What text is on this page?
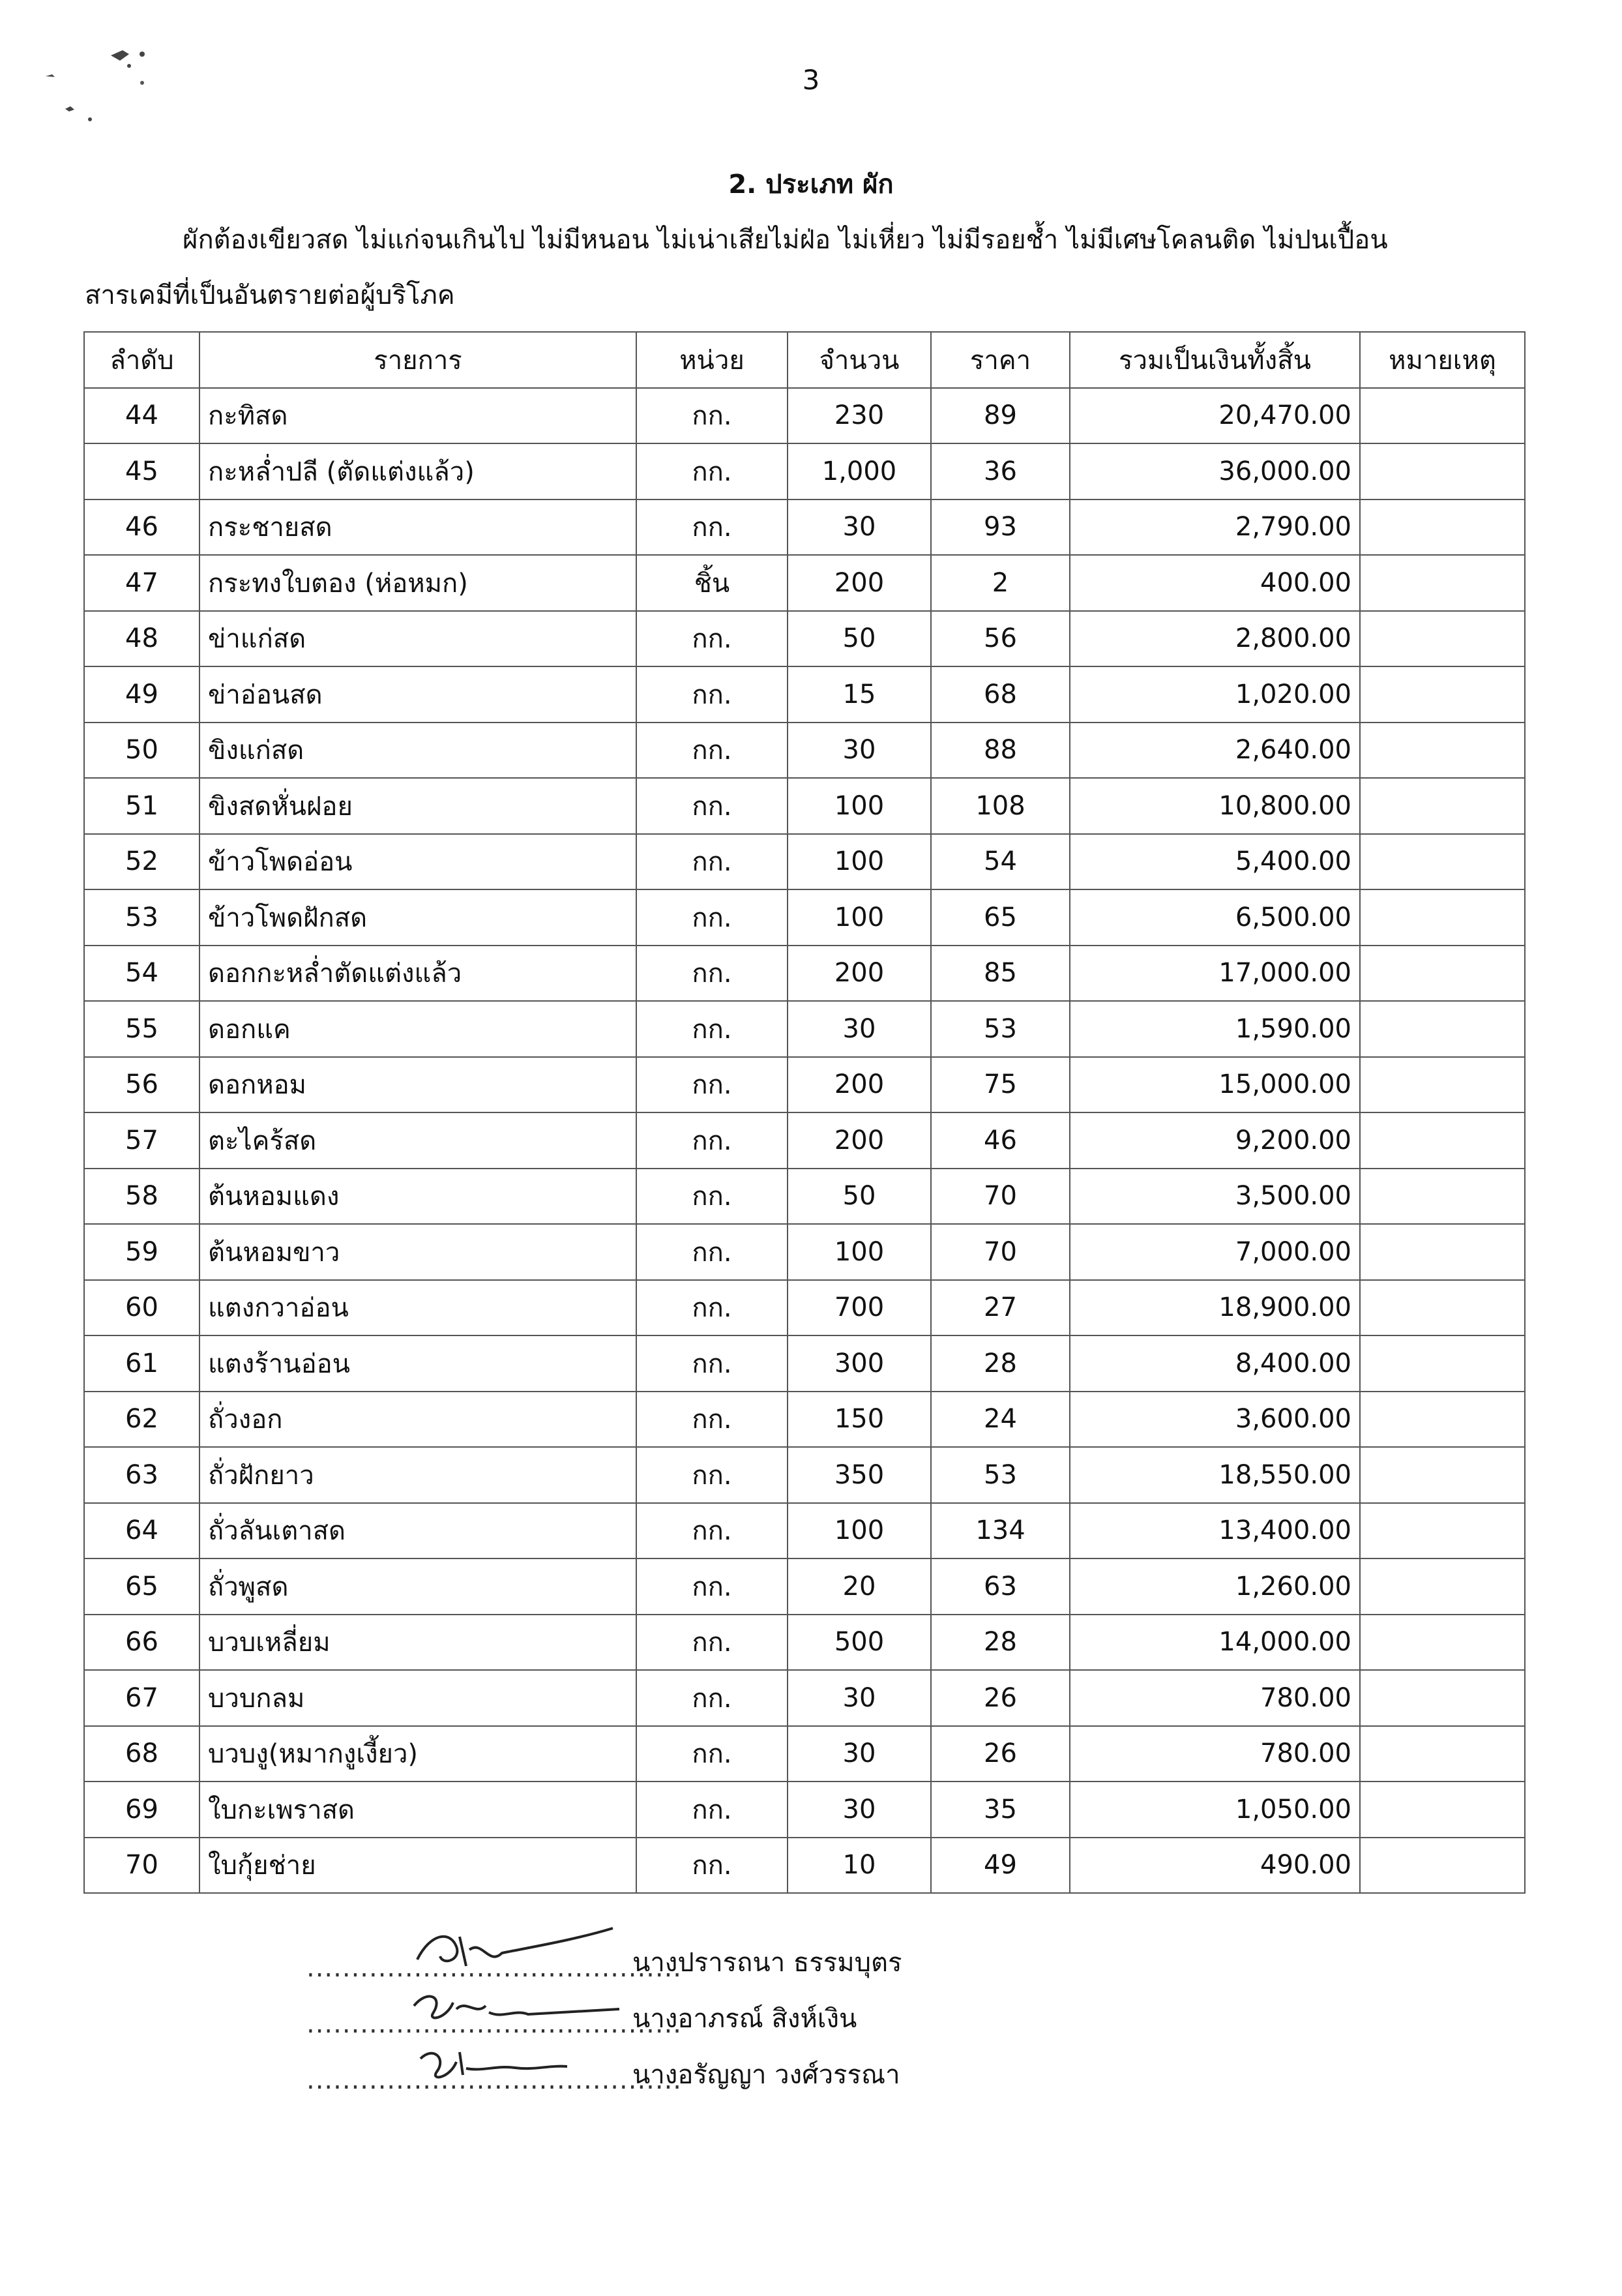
3
2. ประเภท ผัก
ผักต้องเขียวสด ไม่แก่จนเกินไป ไม่มีหนอน ไม่เน่าเสียไม่ฝ่อ ไม่เหี่ยว ไม่มีรอยช้ำ ไม่มีเศษโคลนติด ไม่ปนเปื้อน
สารเคมีที่เป็นอันตรายต่อผู้บริโภค
ลำดับ	รายการ	หน่วย	จำนวน	ราคา	รวมเป็นเงินทั้งสิ้น	หมายเหตุ
44	กะทิสด	กก.	230	89	20,470.00	
45	กะหล่ำปลี (ตัดแต่งแล้ว)	กก.	1,000	36	36,000.00	
46	กระชายสด	กก.	30	93	2,790.00	
47	กระทงใบตอง (ห่อหมก)	ชิ้น	200	2	400.00	
48	ข่าแก่สด	กก.	50	56	2,800.00	
49	ข่าอ่อนสด	กก.	15	68	1,020.00	
50	ขิงแก่สด	กก.	30	88	2,640.00	
51	ขิงสดหั่นฝอย	กก.	100	108	10,800.00	
52	ข้าวโพดอ่อน	กก.	100	54	5,400.00	
53	ข้าวโพดฝักสด	กก.	100	65	6,500.00	
54	ดอกกะหล่ำตัดแต่งแล้ว	กก.	200	85	17,000.00	
55	ดอกแค	กก.	30	53	1,590.00	
56	ดอกหอม	กก.	200	75	15,000.00	
57	ตะไคร้สด	กก.	200	46	9,200.00	
58	ต้นหอมแดง	กก.	50	70	3,500.00	
59	ต้นหอมขาว	กก.	100	70	7,000.00	
60	แตงกวาอ่อน	กก.	700	27	18,900.00	
61	แตงร้านอ่อน	กก.	300	28	8,400.00	
62	ถั่วงอก	กก.	150	24	3,600.00	
63	ถั่วฝักยาว	กก.	350	53	18,550.00	
64	ถั่วลันเตาสด	กก.	100	134	13,400.00	
65	ถั่วพูสด	กก.	20	63	1,260.00	
66	บวบเหลี่ยม	กก.	500	28	14,000.00	
67	บวบกลม	กก.	30	26	780.00	
68	บวบงู(หมากงูเงี้ยว)	กก.	30	26	780.00	
69	ใบกะเพราสด	กก.	30	35	1,050.00	
70	ใบกุ้ยช่าย	กก.	10	49	490.00	
..........................................
นางปรารถนา ธรรมบุตร
..........................................
นางอาภรณ์ สิงห์เงิน
..........................................
นางอรัญญา วงศ์วรรณา
